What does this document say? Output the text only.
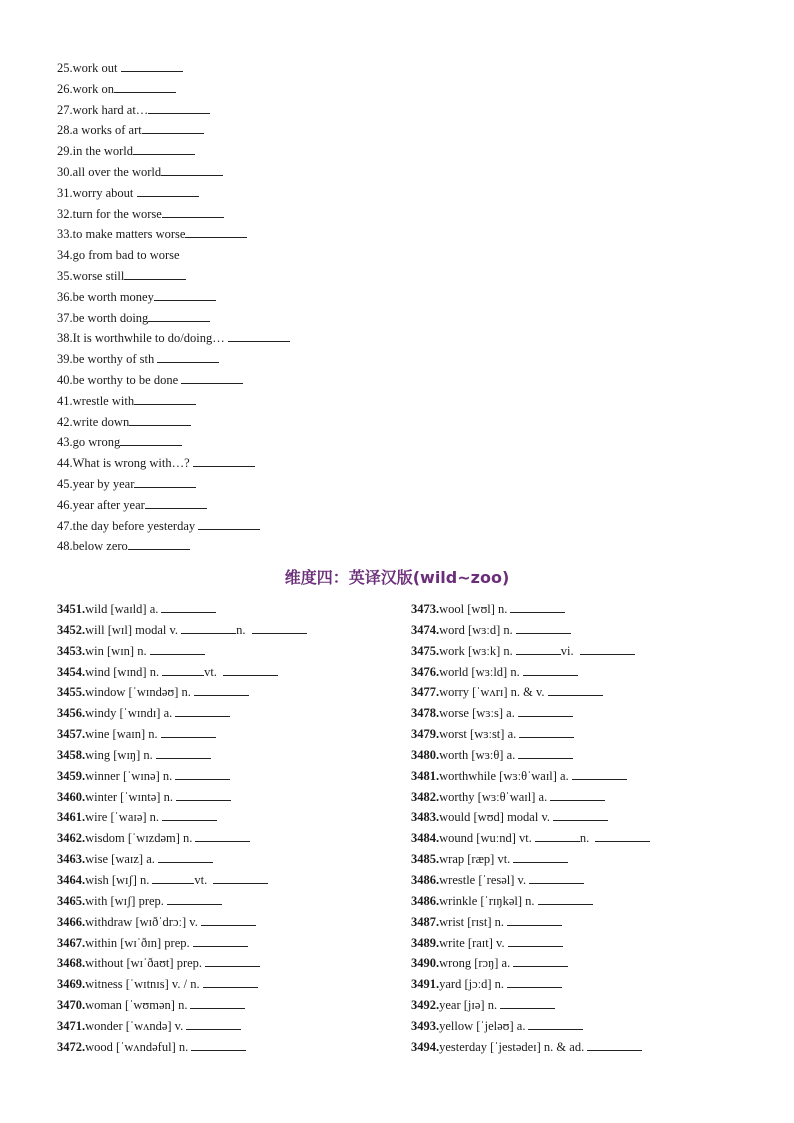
25.work out
26.work on
27.work hard at…
28.a works of art
29.in the world
30.all over the world
31.worry about
32.turn for the worse
33.to make matters worse
34.go from bad to worse
35.worse still
36.be worth money
37.be worth doing
38.It is worthwhile to do/doing…
39.be worthy of sth
40.be worthy to be done
41.wrestle with
42.write down
43.go wrong
44.What is wrong with…?
45.year by year
46.year after year
47.the day before yesterday
48.below zero
维度四：英译汉版(wild~zoo)
3451.wild [waɪld] a.
3452.will [wɪl] modal v.	n.
3453.win [wɪn] n.
3454.wind [wɪnd] n.	vt.
3455.window [ˈwɪndəʊ] n.
3456.windy [ˈwɪndɪ] a.
3457.wine [waɪn] n.
3458.wing [wɪŋ] n.
3459.winner [ˈwɪnə] n.
3460.winter [ˈwɪntə] n.
3461.wire [ˈwaɪə] n.
3462.wisdom [ˈwɪzdəm] n.
3463.wise [waɪz] a.
3464.wish [wɪʃ] n.	vt.
3465.with [wɪʃ] prep.
3466.withdraw [wɪðˈdrɔː] v.
3467.within [wɪˈðɪn] prep.
3468.without [wɪˈðaʊt] prep.
3469.witness [ˈwɪtnɪs] v. / n.
3470.woman [ˈwʊmən] n.
3471.wonder [ˈwʌndə] v.
3472.wood [ˈwʌndəful] n.
3473.wool [wʊl] n.
3474.word [wɜːd] n.
3475.work [wɜːk] n.	vi.
3476.world [wɜːld] n.
3477.worry [ˈwʌrɪ] n. & v.
3478.worse [wɜːs] a.
3479.worst [wɜːst] a.
3480.worth [wɜːθ] a.
3481.worthwhile [wɜːθˈwaɪl] a.
3482.worthy [wɜːθˈwaɪl] a.
3483.would [wʊd] modal v.
3484.wound [wuːnd] vt.	n.
3485.wrap [ræp] vt.
3486.wrestle [ˈresəl] v.
3486.wrinkle [ˈrɪŋkəl] n.
3487.wrist [rɪst] n.
3489.write [raɪt] v.
3490.wrong [rɔŋ] a.
3491.yard [jɔːd] n.
3492.year [jɪə] n.
3493.yellow [ˈjeləʊ] a.
3494.yesterday [ˈjestədeɪ] n. & ad.
